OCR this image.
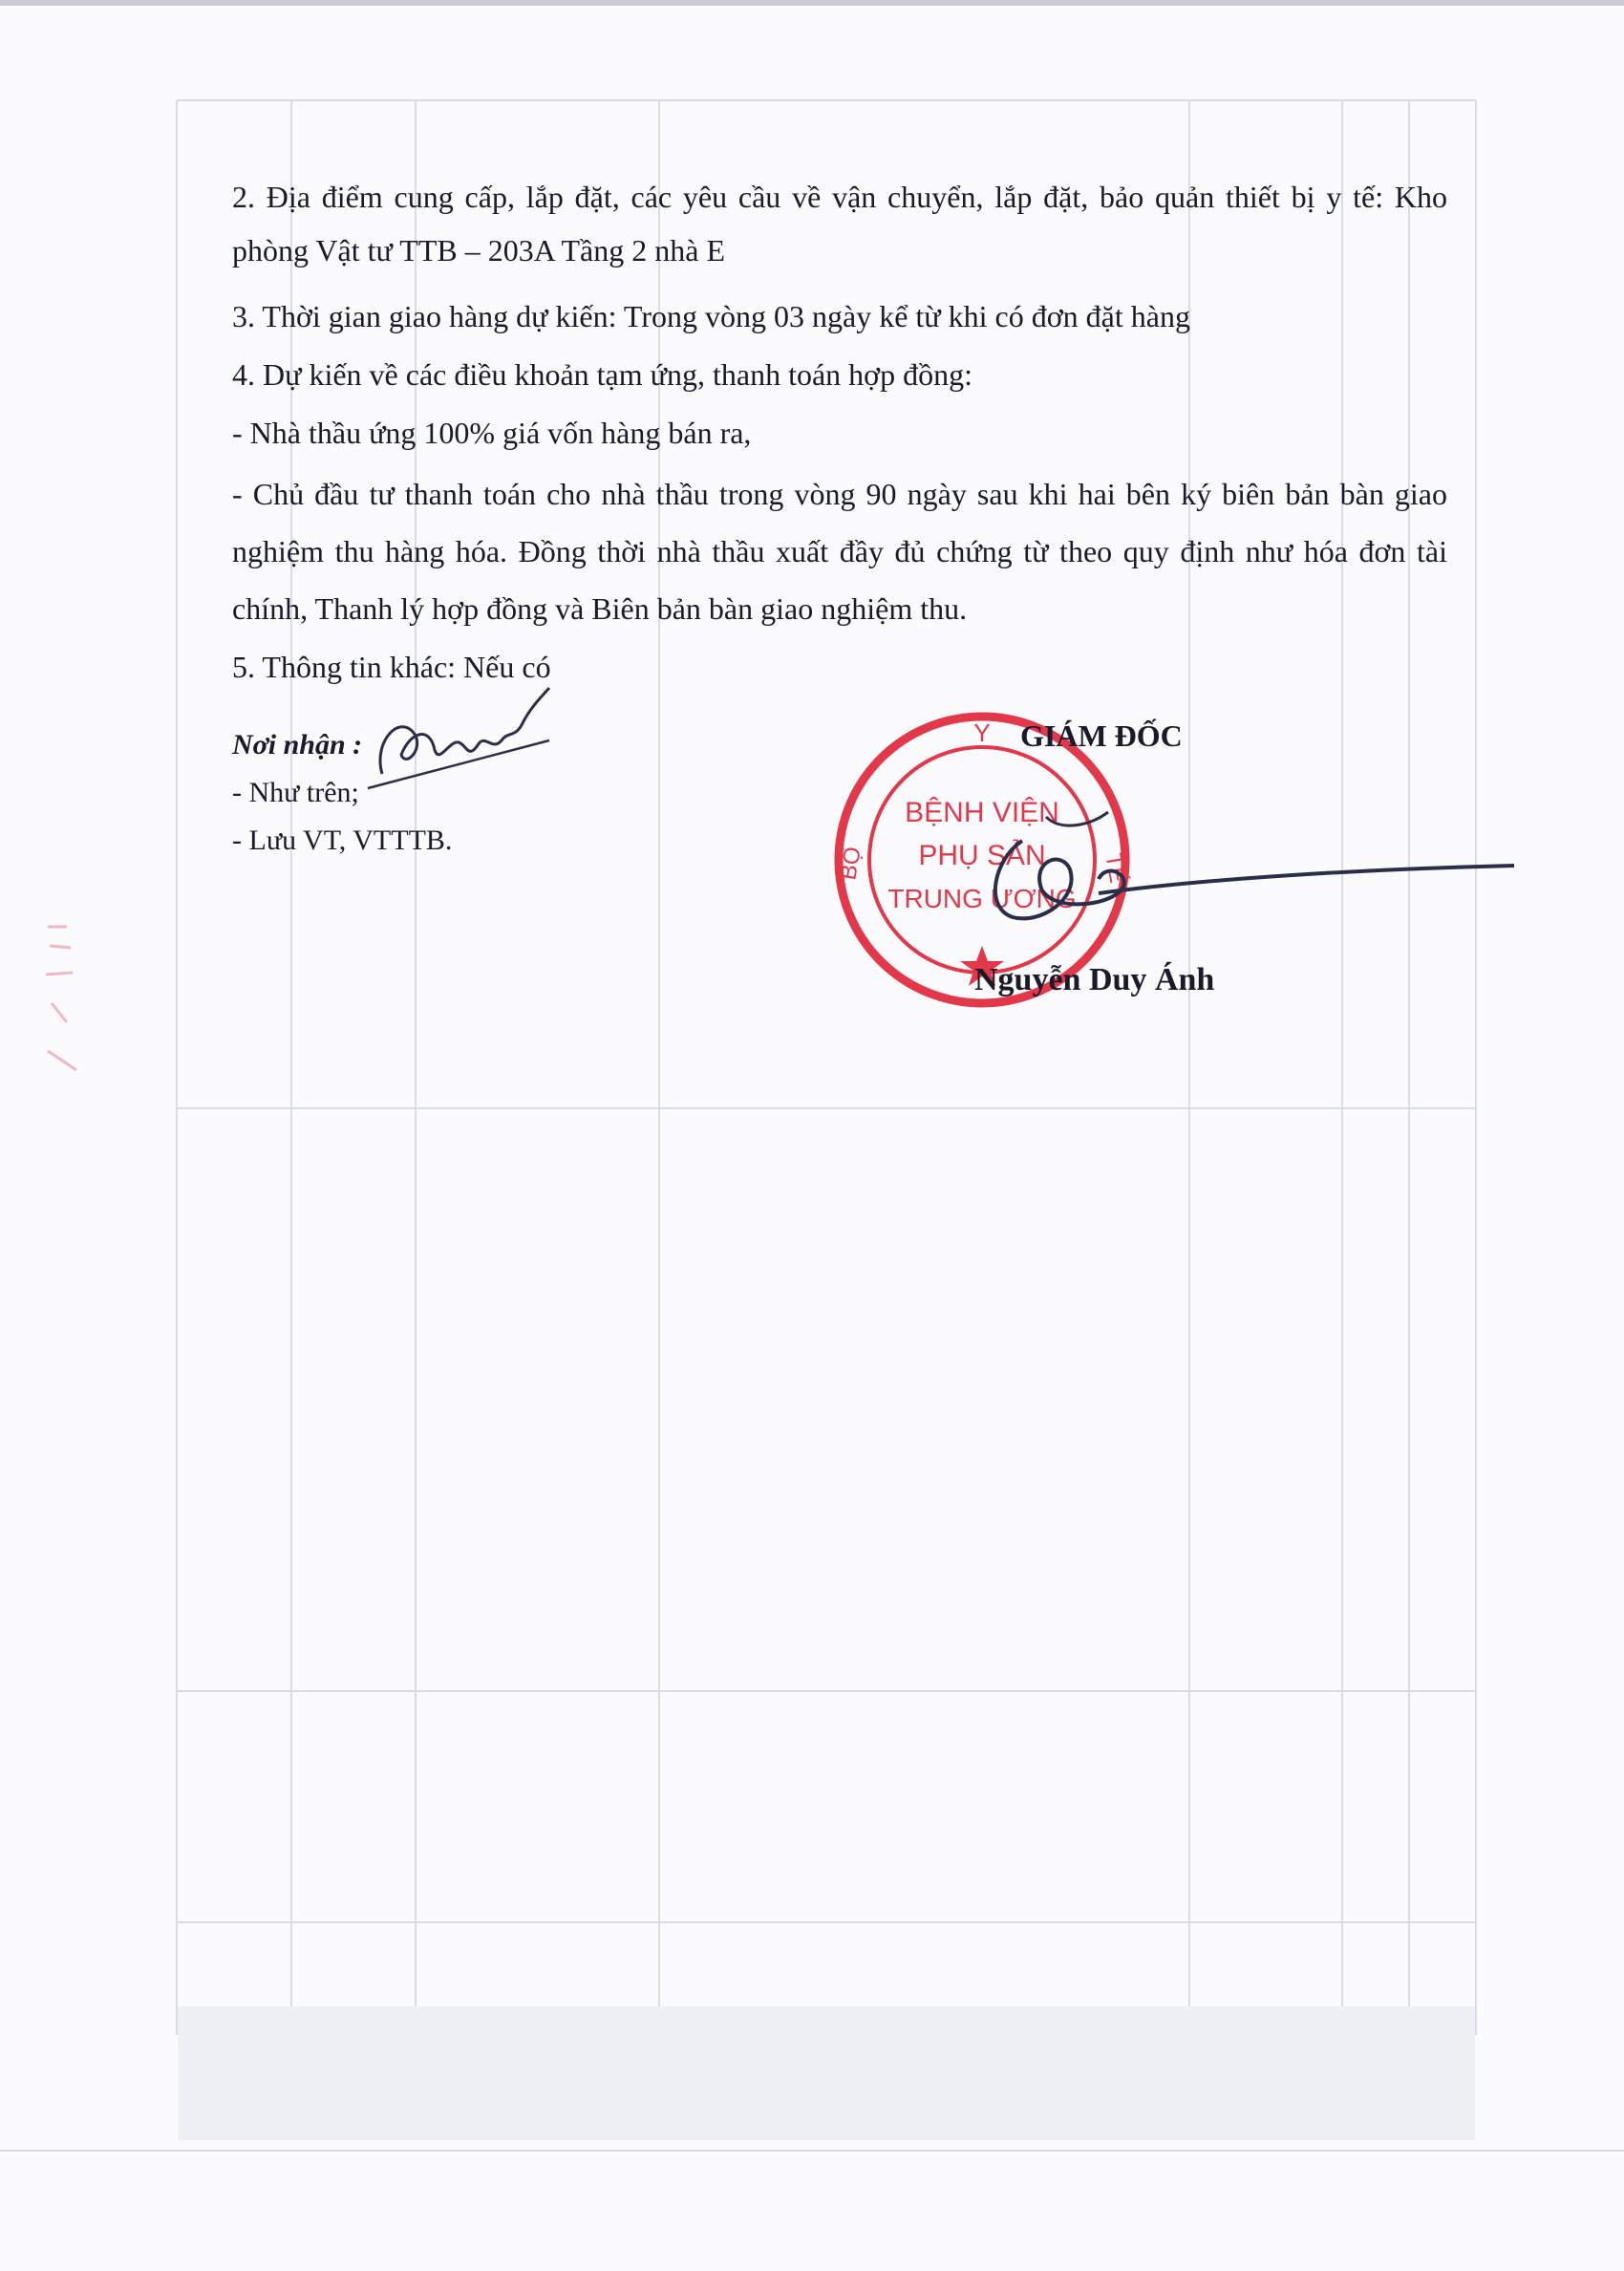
2. Địa điểm cung cấp, lắp đặt, các yêu cầu về vận chuyển, lắp đặt, bảo quản thiết bị y tế: Kho phòng Vật tư TTB – 203A Tầng 2 nhà E

3. Thời gian giao hàng dự kiến: Trong vòng 03 ngày kể từ khi có đơn đặt hàng

4. Dự kiến về các điều khoản tạm ứng, thanh toán hợp đồng:

- Nhà thầu ứng 100% giá vốn hàng bán ra,

- Chủ đầu tư thanh toán cho nhà thầu trong vòng 90 ngày sau khi hai bên ký biên bản bàn giao nghiệm thu hàng hóa. Đồng thời nhà thầu xuất đầy đủ chứng từ theo quy định như hóa đơn tài chính, Thanh lý hợp đồng và Biên bản bàn giao nghiệm thu.

5. Thông tin khác: Nếu có

Nơi nhận :
- Như trên;
- Lưu VT, VTTTB.
Y
BỘ	TẾ
BỆNH VIỆN
PHỤ SẢN
TRUNG ƯƠNG
GIÁM ĐỐC
Nguyễn Duy Ánh
